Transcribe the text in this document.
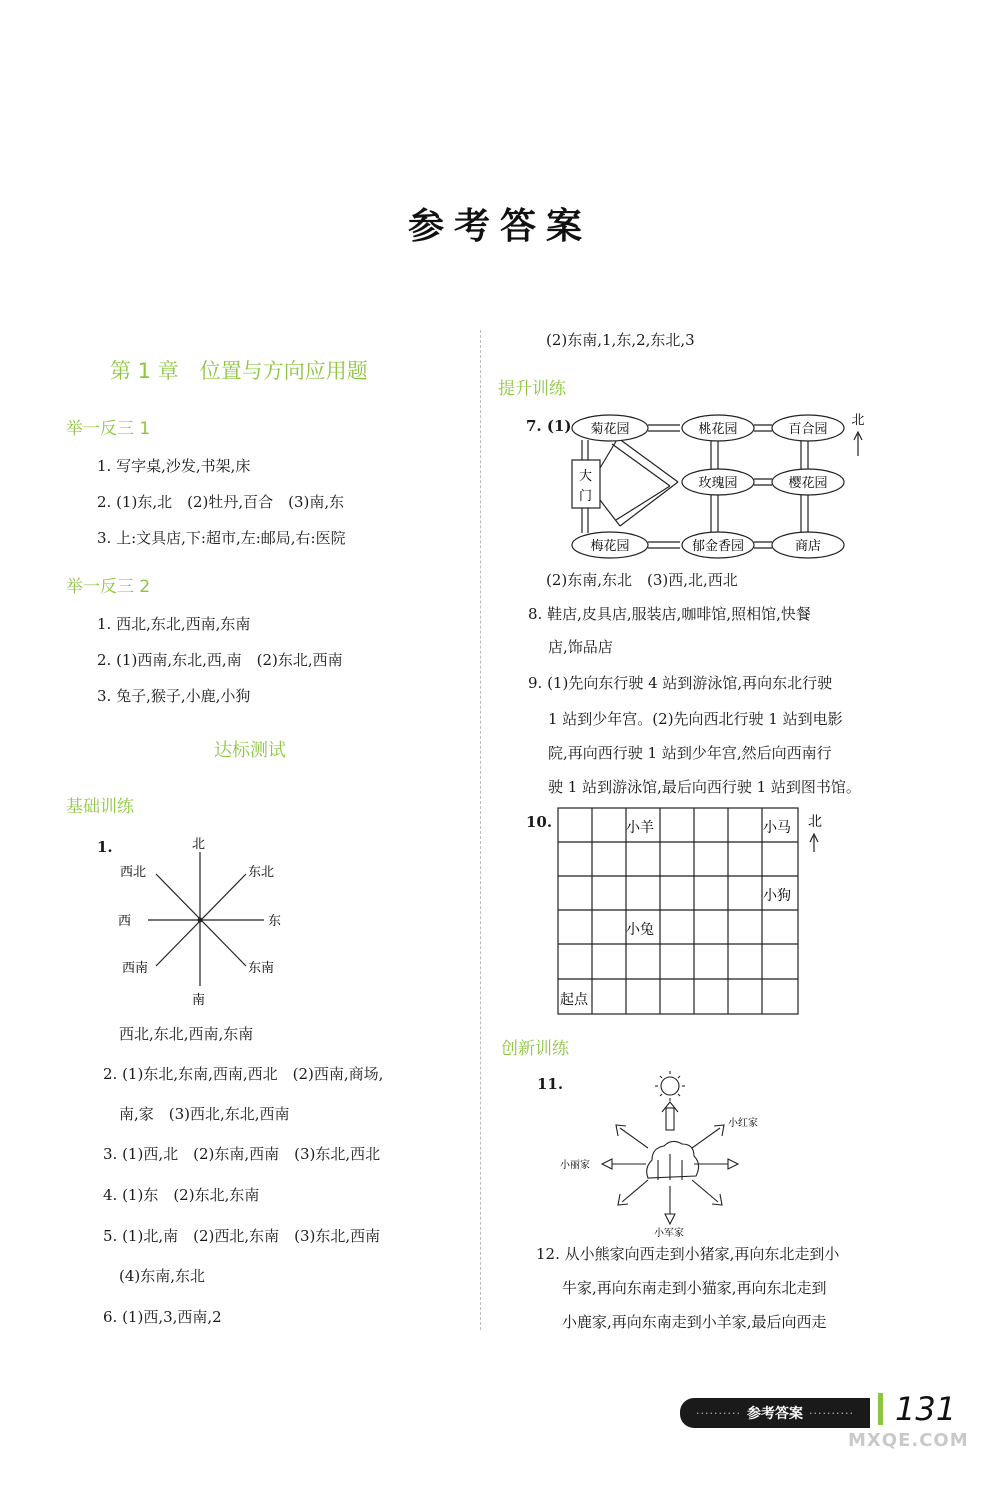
参考答案
第 1 章　位置与方向应用题
举一反三 1
1. 写字桌,沙发,书架,床
2. (1)东,北　(2)牡丹,百合　(3)南,东
3. 上:文具店,下:超市,左:邮局,右:医院
举一反三 2
1. 西北,东北,西南,东南
2. (1)西南,东北,西,南　(2)东北,西南
3. 兔子,猴子,小鹿,小狗
达标测试
基础训练
1.	北
南
东
西
东北
西北
东南
西南
西北,东北,西南,东南
2. (1)东北,东南,西南,西北　(2)西南,商场,
南,家　(3)西北,东北,西南
3. (1)西,北　(2)东南,西南　(3)东北,西北
4. (1)东　(2)东北,东南
5. (1)北,南　(2)西北,东南　(3)东北,西南
(4)东南,东北
6. (1)西,3,西南,2
(2)东南,1,东,2,东北,3
提升训练
7. (1) 菊花园	桃花园	百合园
玫瑰园	樱花园
梅花园	郁金香园	商店
北
大
门
(2)东南,东北　(3)西,北,西北
8. 鞋店,皮具店,服装店,咖啡馆,照相馆,快餐
店,饰品店
9. (1)先向东行驶 4 站到游泳馆,再向东北行驶
1 站到少年宫。(2)先向西北行驶 1 站到电影
院,再向西行驶 1 站到少年宫,然后向西南行
驶 1 站到游泳馆,最后向西行驶 1 站到图书馆。
10.	小羊	小马
小狗
小兔
起点
北
创新训练
11.
小红家
小丽家
小军家
12. 从小熊家向西走到小猪家,再向东北走到小
牛家,再向东南走到小猫家,再向东北走到
小鹿家,再向东南走到小羊家,最后向西走
·········· 参考答案 ·········· 131
MXQE.COM
